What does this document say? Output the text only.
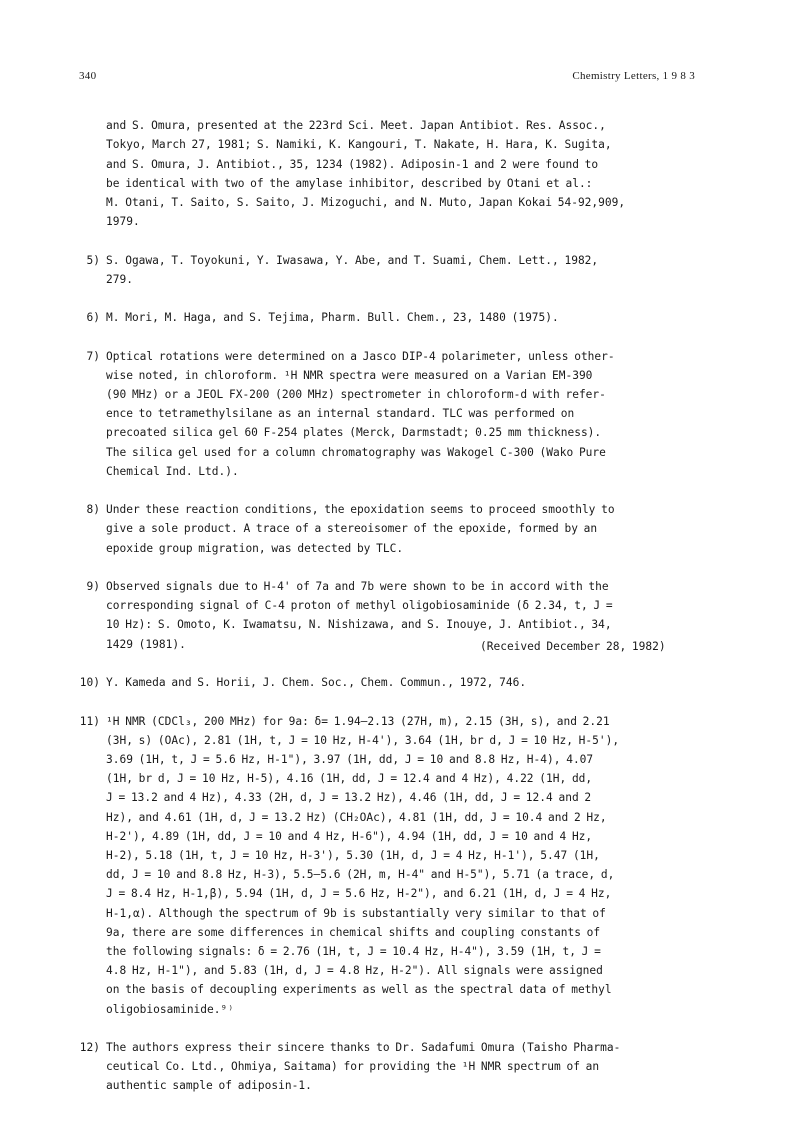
340	Chemistry Letters, 1 9 8 3

and S. Omura, presented at the 223rd Sci. Meet. Japan Antibiot. Res. Assoc.,
Tokyo, March 27, 1981; S. Namiki, K. Kangouri, T. Nakate, H. Hara, K. Sugita,
and S. Omura, J. Antibiot., 35, 1234 (1982). Adiposin-1 and 2 were found to
be identical with two of the amylase inhibitor, described by Otani et al.:
M. Otani, T. Saito, S. Saito, J. Mizoguchi, and N. Muto, Japan Kokai 54-92,909,
1979.

5) S. Ogawa, T. Toyokuni, Y. Iwasawa, Y. Abe, and T. Suami, Chem. Lett., 1982,
279.

6) M. Mori, M. Haga, and S. Tejima, Pharm. Bull. Chem., 23, 1480 (1975).

7) Optical rotations were determined on a Jasco DIP-4 polarimeter, unless other-
wise noted, in chloroform. ¹H NMR spectra were measured on a Varian EM-390
(90 MHz) or a JEOL FX-200 (200 MHz) spectrometer in chloroform-d with refer-
ence to tetramethylsilane as an internal standard. TLC was performed on
precoated silica gel 60 F-254 plates (Merck, Darmstadt; 0.25 mm thickness).
The silica gel used for a column chromatography was Wakogel C-300 (Wako Pure
Chemical Ind. Ltd.).

8) Under these reaction conditions, the epoxidation seems to proceed smoothly to
give a sole product. A trace of a stereoisomer of the epoxide, formed by an
epoxide group migration, was detected by TLC.

9) Observed signals due to H-4' of 7a and 7b were shown to be in accord with the
corresponding signal of C-4 proton of methyl oligobiosaminide (δ 2.34, t, J =
10 Hz): S. Omoto, K. Iwamatsu, N. Nishizawa, and S. Inouye, J. Antibiot., 34,
1429 (1981).

10) Y. Kameda and S. Horii, J. Chem. Soc., Chem. Commun., 1972, 746.

11) ¹H NMR (CDCl₃, 200 MHz) for 9a: δ= 1.94–2.13 (27H, m), 2.15 (3H, s), and 2.21
(3H, s) (OAc), 2.81 (1H, t, J = 10 Hz, H-4'), 3.64 (1H, br d, J = 10 Hz, H-5'),
3.69 (1H, t, J = 5.6 Hz, H-1"), 3.97 (1H, dd, J = 10 and 8.8 Hz, H-4), 4.07
(1H, br d, J = 10 Hz, H-5), 4.16 (1H, dd, J = 12.4 and 4 Hz), 4.22 (1H, dd,
J = 13.2 and 4 Hz), 4.33 (2H, d, J = 13.2 Hz), 4.46 (1H, dd, J = 12.4 and 2
Hz), and 4.61 (1H, d, J = 13.2 Hz) (CH₂OAc), 4.81 (1H, dd, J = 10.4 and 2 Hz,
H-2'), 4.89 (1H, dd, J = 10 and 4 Hz, H-6"), 4.94 (1H, dd, J = 10 and 4 Hz,
H-2), 5.18 (1H, t, J = 10 Hz, H-3'), 5.30 (1H, d, J = 4 Hz, H-1'), 5.47 (1H,
dd, J = 10 and 8.8 Hz, H-3), 5.5–5.6 (2H, m, H-4" and H-5"), 5.71 (a trace, d,
J = 8.4 Hz, H-1,β), 5.94 (1H, d, J = 5.6 Hz, H-2"), and 6.21 (1H, d, J = 4 Hz,
H-1,α). Although the spectrum of 9b is substantially very similar to that of
9a, there are some differences in chemical shifts and coupling constants of
the following signals: δ = 2.76 (1H, t, J = 10.4 Hz, H-4"), 3.59 (1H, t, J =
4.8 Hz, H-1"), and 5.83 (1H, d, J = 4.8 Hz, H-2"). All signals were assigned
on the basis of decoupling experiments as well as the spectral data of methyl
oligobiosaminide.⁹⁾

12) The authors express their sincere thanks to Dr. Sadafumi Omura (Taisho Pharma-
ceutical Co. Ltd., Ohmiya, Saitama) for providing the ¹H NMR spectrum of an
authentic sample of adiposin-1.

(Received December 28, 1982)
